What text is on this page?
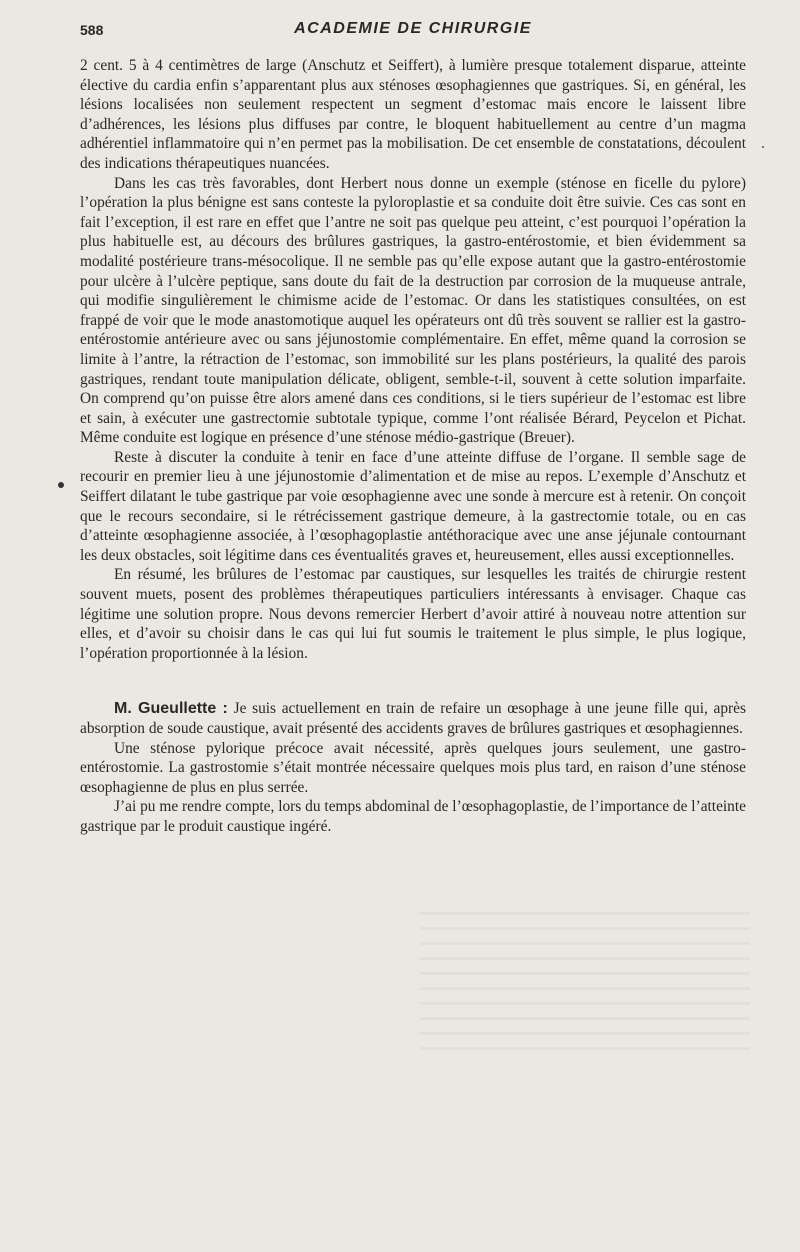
588	ACADEMIE DE CHIRURGIE

2 cent. 5 à 4 centimètres de large (Anschutz et Seiffert), à lumière presque totalement disparue, atteinte élective du cardia enfin s’apparentant plus aux sténoses œsophagiennes que gastriques. Si, en général, les lésions localisées non seulement respectent un segment d’estomac mais encore le laissent libre d’adhérences, les lésions plus diffuses par contre, le bloquent habituellement au centre d’un magma adhérentiel inflammatoire qui n’en permet pas la mobilisation. De cet ensemble de constatations, découlent des indications thérapeutiques nuancées.

Dans les cas très favorables, dont Herbert nous donne un exemple (sténose en ficelle du pylore) l’opération la plus bénigne est sans conteste la pyloroplastie et sa conduite doit être suivie. Ces cas sont en fait l’exception, il est rare en effet que l’antre ne soit pas quelque peu atteint, c’est pourquoi l’opération la plus habituelle est, au décours des brûlures gastriques, la gastro-entérostomie, et bien évidemment sa modalité postérieure trans-mésocolique. Il ne semble pas qu’elle expose autant que la gastro-entérostomie pour ulcère à l’ulcère peptique, sans doute du fait de la destruction par corrosion de la muqueuse antrale, qui modifie singulièrement le chimisme acide de l’estomac. Or dans les statistiques consultées, on est frappé de voir que le mode anastomotique auquel les opérateurs ont dû très souvent se rallier est la gastro-entérostomie antérieure avec ou sans jéjunostomie complémentaire. En effet, même quand la corrosion se limite à l’antre, la rétraction de l’estomac, son immobilité sur les plans postérieurs, la qualité des parois gastriques, rendant toute manipulation délicate, obligent, semble-t-il, souvent à cette solution imparfaite. On comprend qu’on puisse être alors amené dans ces conditions, si le tiers supérieur de l’estomac est libre et sain, à exécuter une gastrectomie subtotale typique, comme l’ont réalisée Bérard, Peycelon et Pichat. Même conduite est logique en présence d’une sténose médio-gastrique (Breuer).

Reste à discuter la conduite à tenir en face d’une atteinte diffuse de l’organe. Il semble sage de recourir en premier lieu à une jéjunostomie d’alimentation et de mise au repos. L’exemple d’Anschutz et Seiffert dilatant le tube gastrique par voie œsophagienne avec une sonde à mercure est à retenir. On conçoit que le recours secondaire, si le rétrécissement gastrique demeure, à la gastrectomie totale, ou en cas d’atteinte œsophagienne associée, à l’œsophagoplastie antéthoracique avec une anse jéjunale contournant les deux obstacles, soit légitime dans ces éventualités graves et, heureusement, elles aussi exceptionnelles.

En résumé, les brûlures de l’estomac par caustiques, sur lesquelles les traités de chirurgie restent souvent muets, posent des problèmes thérapeutiques particuliers intéressants à envisager. Chaque cas légitime une solution propre. Nous devons remercier Herbert d’avoir attiré à nouveau notre attention sur elles, et d’avoir su choisir dans le cas qui lui fut soumis le traitement le plus simple, le plus logique, l’opération proportionnée à la lésion.

M. Gueullette : Je suis actuellement en train de refaire un œsophage à une jeune fille qui, après absorption de soude caustique, avait présenté des accidents graves de brûlures gastriques et œsophagiennes.

Une sténose pylorique précoce avait nécessité, après quelques jours seulement, une gastro-entérostomie. La gastrostomie s’était montrée nécessaire quelques mois plus tard, en raison d’une sténose œsophagienne de plus en plus serrée.

J’ai pu me rendre compte, lors du temps abdominal de l’œsophagoplastie, de l’importance de l’atteinte gastrique par le produit caustique ingéré.
